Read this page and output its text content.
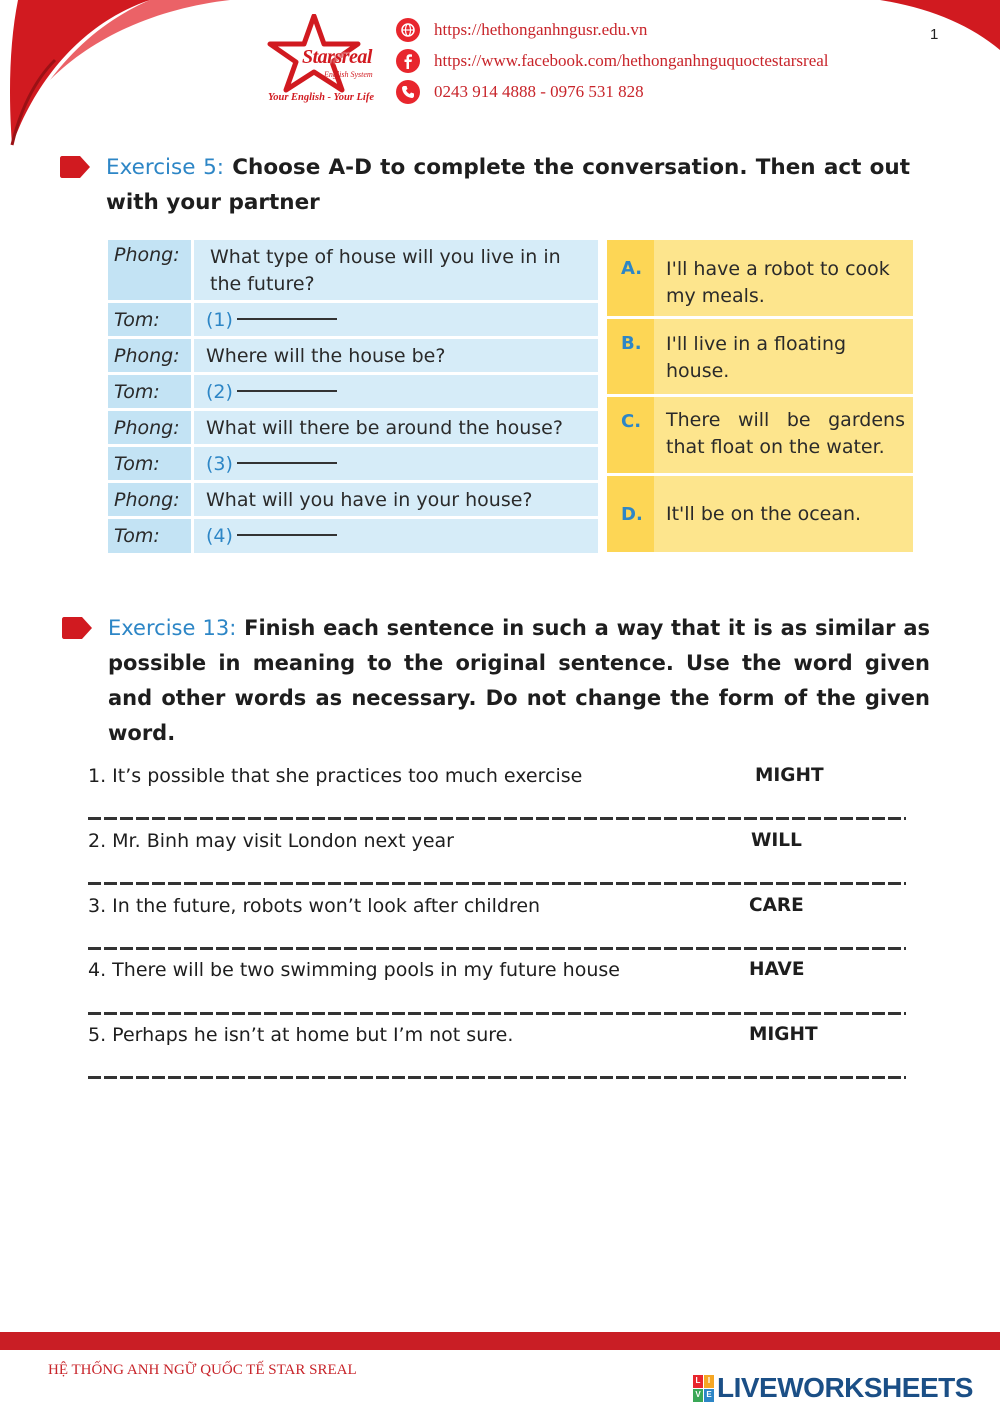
Starsreal
English System
Your English - Your Life
https://hethonganhngusr.edu.vn
https://www.facebook.com/hethonganhnguquoctestarsreal
0243 914 4888 - 0976 531 828
1
Exercise 5: Choose A-D to complete the conversation. Then act out with your partner
Phong:	What type of house will you live in in the future?
Tom:	(1)
Phong:	Where will the house be?
Tom:	(2)
Phong:	What will there be around the house?
Tom:	(3)
Phong:	What will you have in your house?
Tom:	(4)
A.	I'll have a robot to cook my meals.
B.	I'll live in a floating house.
C.	There will be gardens that float on the water.
D.	It'll be on the ocean.
Exercise 13: Finish each sentence in such a way that it is as similar as possible in meaning to the original sentence. Use the word given and other words as necessary. Do not change the form of the given word.
1. It’s possible that she practices too much exercise	MIGHT
2. Mr. Binh may visit London next year	WILL
3. In the future, robots won’t look after children	CARE
4. There will be two swimming pools in my future house	HAVE
5. Perhaps he isn’t at home but I’m not sure.	MIGHT
HỆ THỐNG ANH NGỮ QUỐC TẾ STAR SREAL
L I
V E LIVEWORKSHEETS
